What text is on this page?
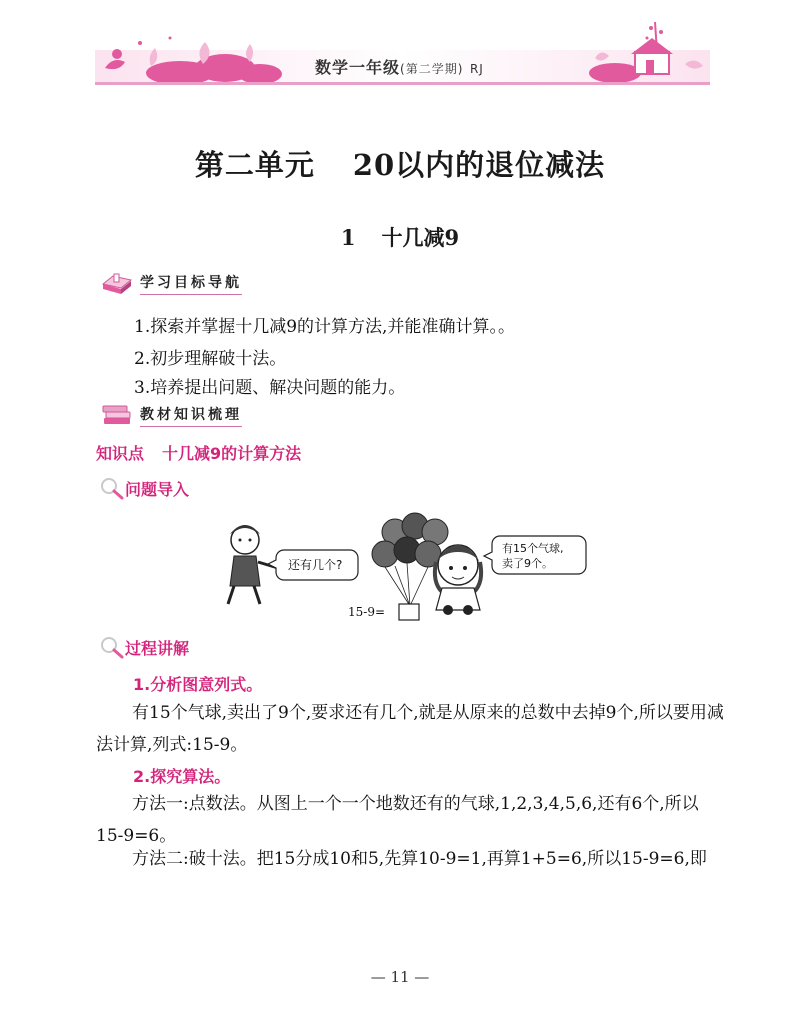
数学一年级(第二学期) RJ
第二单元 20以内的退位减法
1 十几减9
学习目标导航
1.探索并掌握十几减9的计算方法,并能准确计算。。
2.初步理解破十法。
3.培养提出问题、解决问题的能力。
教材知识梳理
知识点 十几减9的计算方法
问题导入
还有几个?
有15个气球,
卖了9个。
15-9=
过程讲解
1.分析图意列式。
有15个气球,卖出了9个,要求还有几个,就是从原来的总数中去掉9个,所以要用减法计算,列式:15-9。
2.探究算法。
方法一:点数法。从图上一个一个地数还有的气球,1,2,3,4,5,6,还有6个,所以15-9=6。
方法二:破十法。把15分成10和5,先算10-9=1,再算1+5=6,所以15-9=6,即
— 11 —
